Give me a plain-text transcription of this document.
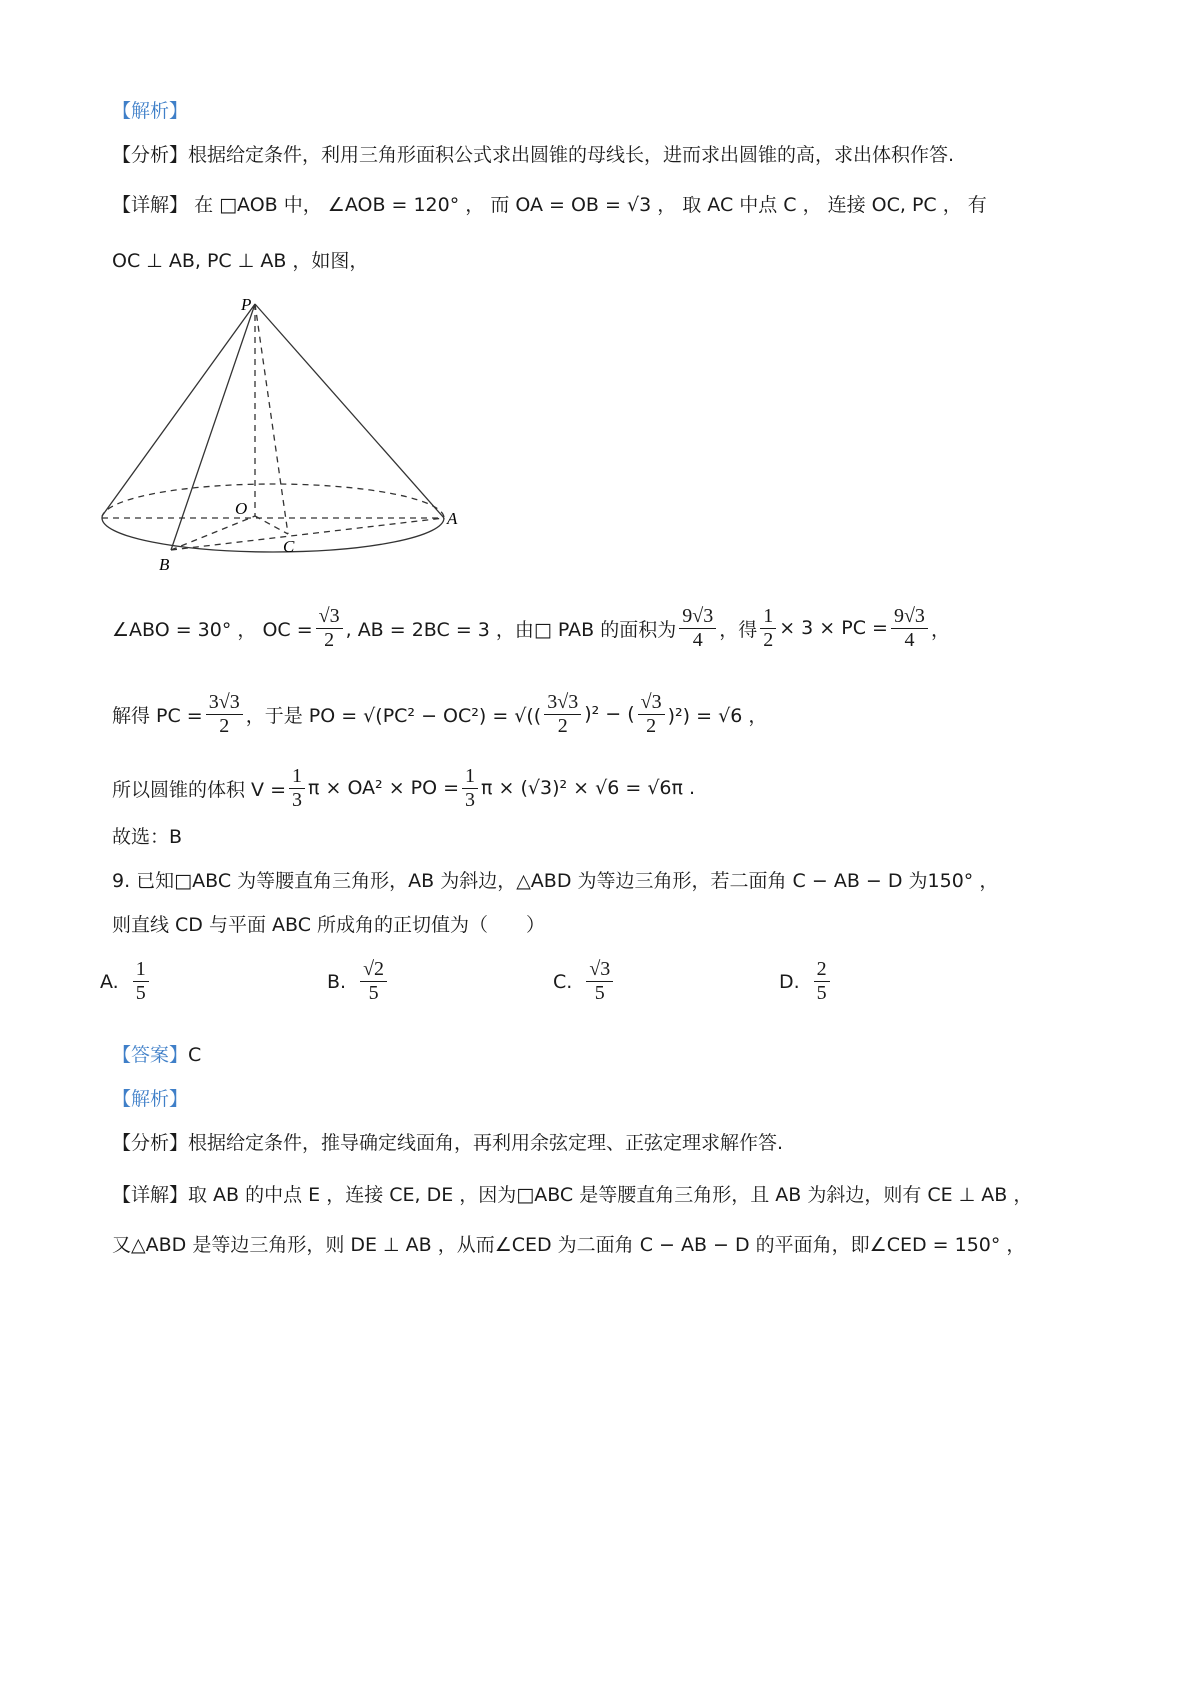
【解析】
【分析】根据给定条件，利用三角形面积公式求出圆锥的母线长，进而求出圆锥的高，求出体积作答.
【详解】 在 □AOB 中， ∠AOB = 120° ， 而 OA = OB = √3 ， 取 AC 中点 C ， 连接 OC, PC ， 有
OC ⊥ AB, PC ⊥ AB ，如图，
P
O
A
B
C
∠ABO = 30° ， OC = $\frac{√3}{2}$ , AB = 2BC = 3 ，由□ PAB 的面积为 $\frac{9√3}{4}$ ，得 $\frac{1}{2} \times 3$ × PC = $\frac{9√3}{4}$ ，
解得 PC = $\frac{3√3}{2}$ ，于是 PO = √(PC² − OC²) = √(( $\frac{3√3}{2} )^2$ − ( $\frac{√3}{2} )^2) = √6$ ，
所以圆锥的体积 $V = \frac{1}{3}$ π × OA² × PO = $\frac{1}{3}$ π × (√3)² × √6 = √6π .
故选：B
9. 已知□ABC 为等腰直角三角形，AB 为斜边，△ABD 为等边三角形，若二面角 C − AB − D 为150° ，
则直线 CD 与平面 ABC 所成角的正切值为（　　）
A. $\frac{1}{5}$	B. $\frac{√2}{5}$	C. $\frac{√3}{5}$	D. $\frac{2}{5}$
【答案】C
【解析】
【分析】根据给定条件，推导确定线面角，再利用余弦定理、正弦定理求解作答.
【详解】取 AB 的中点 E ，连接 CE, DE ，因为□ABC 是等腰直角三角形，且 AB 为斜边，则有 CE ⊥ AB ，
又△ABD 是等边三角形，则 DE ⊥ AB ，从而∠CED 为二面角 C − AB − D 的平面角，即∠CED = 150° ，
